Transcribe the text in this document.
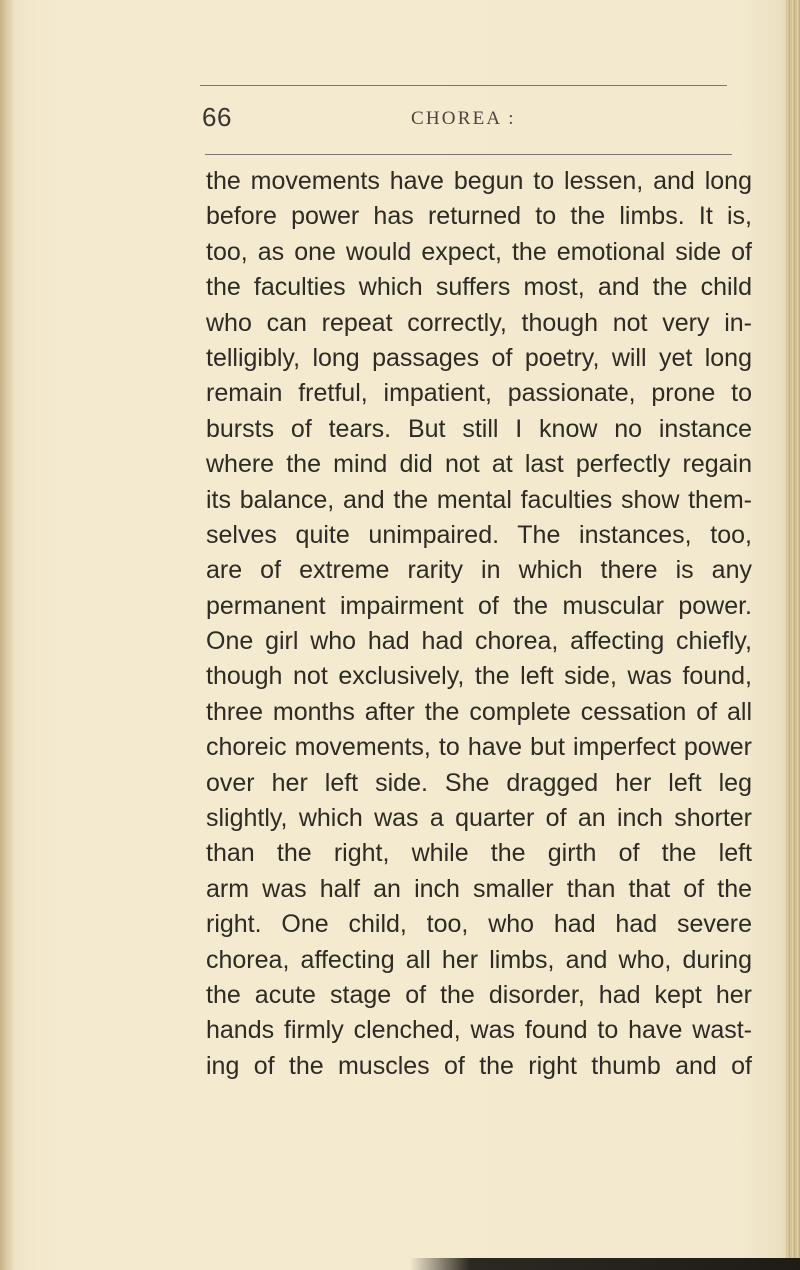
66	CHOREA :
the movements have begun to lessen, and long
before power has returned to the limbs. It is,
too, as one would expect, the emotional side of
the faculties which suffers most, and the child
who can repeat correctly, though not very in-
telligibly, long passages of poetry, will yet long
remain fretful, impatient, passionate, prone to
bursts of tears. But still I know no instance
where the mind did not at last perfectly regain
its balance, and the mental faculties show them-
selves quite unimpaired. The instances, too,
are of extreme rarity in which there is any
permanent impairment of the muscular power.
One girl who had had chorea, affecting chiefly,
though not exclusively, the left side, was found,
three months after the complete cessation of all
choreic movements, to have but imperfect power
over her left side. She dragged her left leg
slightly, which was a quarter of an inch shorter
than the right, while the girth of the left
arm was half an inch smaller than that of the
right. One child, too, who had had severe
chorea, affecting all her limbs, and who, during
the acute stage of the disorder, had kept her
hands firmly clenched, was found to have wast-
ing of the muscles of the right thumb and of
